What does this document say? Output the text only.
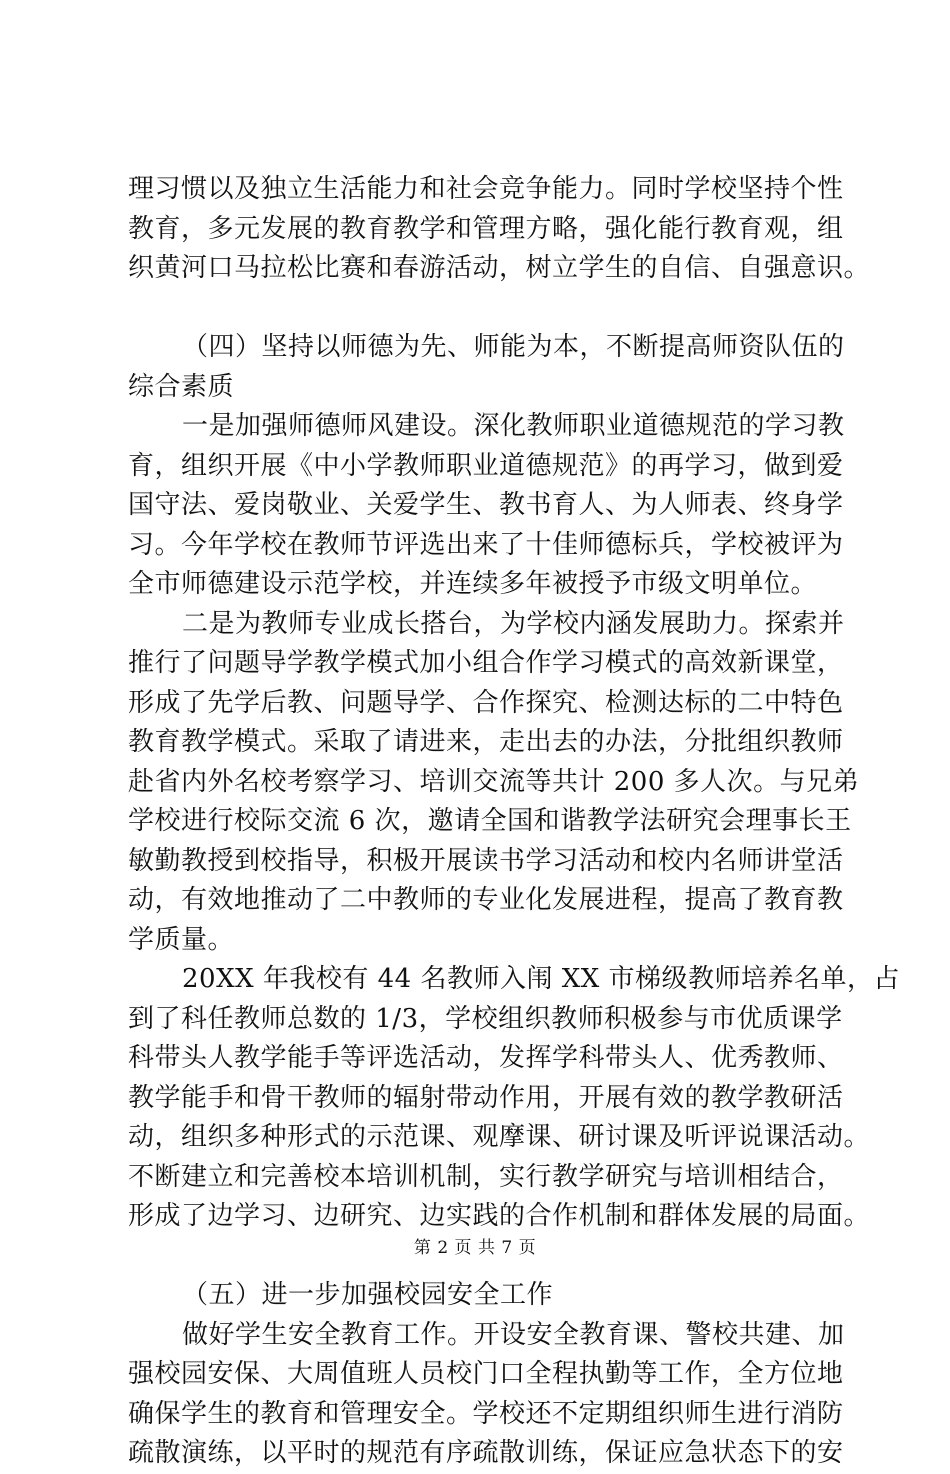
理习惯以及独立生活能力和社会竞争能力。同时学校坚持个性
教育，多元发展的教育教学和管理方略，强化能行教育观，组
织黄河口马拉松比赛和春游活动，树立学生的自信、自强意识。
（四）坚持以师德为先、师能为本，不断提高师资队伍的
综合素质
一是加强师德师风建设。深化教师职业道德规范的学习教
育，组织开展《中小学教师职业道德规范》的再学习，做到爱
国守法、爱岗敬业、关爱学生、教书育人、为人师表、终身学
习。今年学校在教师节评选出来了十佳师德标兵，学校被评为
全市师德建设示范学校，并连续多年被授予市级文明单位。
二是为教师专业成长搭台，为学校内涵发展助力。探索并
推行了问题导学教学模式加小组合作学习模式的高效新课堂，
形成了先学后教、问题导学、合作探究、检测达标的二中特色
教育教学模式。采取了请进来，走出去的办法，分批组织教师
赴省内外名校考察学习、培训交流等共计 200 多人次。与兄弟
学校进行校际交流 6 次，邀请全国和谐教学法研究会理事长王
敏勤教授到校指导，积极开展读书学习活动和校内名师讲堂活
动，有效地推动了二中教师的专业化发展进程，提高了教育教
学质量。
20XX 年我校有 44 名教师入闱 XX 市梯级教师培养名单，占
到了科任教师总数的 1/3，学校组织教师积极参与市优质课学
科带头人教学能手等评选活动，发挥学科带头人、优秀教师、
教学能手和骨干教师的辐射带动作用，开展有效的教学教研活
动，组织多种形式的示范课、观摩课、研讨课及听评说课活动。
不断建立和完善校本培训机制，实行教学研究与培训相结合，
形成了边学习、边研究、边实践的合作机制和群体发展的局面。
（五）进一步加强校园安全工作
做好学生安全教育工作。开设安全教育课、警校共建、加
强校园安保、大周值班人员校门口全程执勤等工作，全方位地
确保学生的教育和管理安全。学校还不定期组织师生进行消防
疏散演练，以平时的规范有序疏散训练，保证应急状态下的安
第 2 页 共 7 页
